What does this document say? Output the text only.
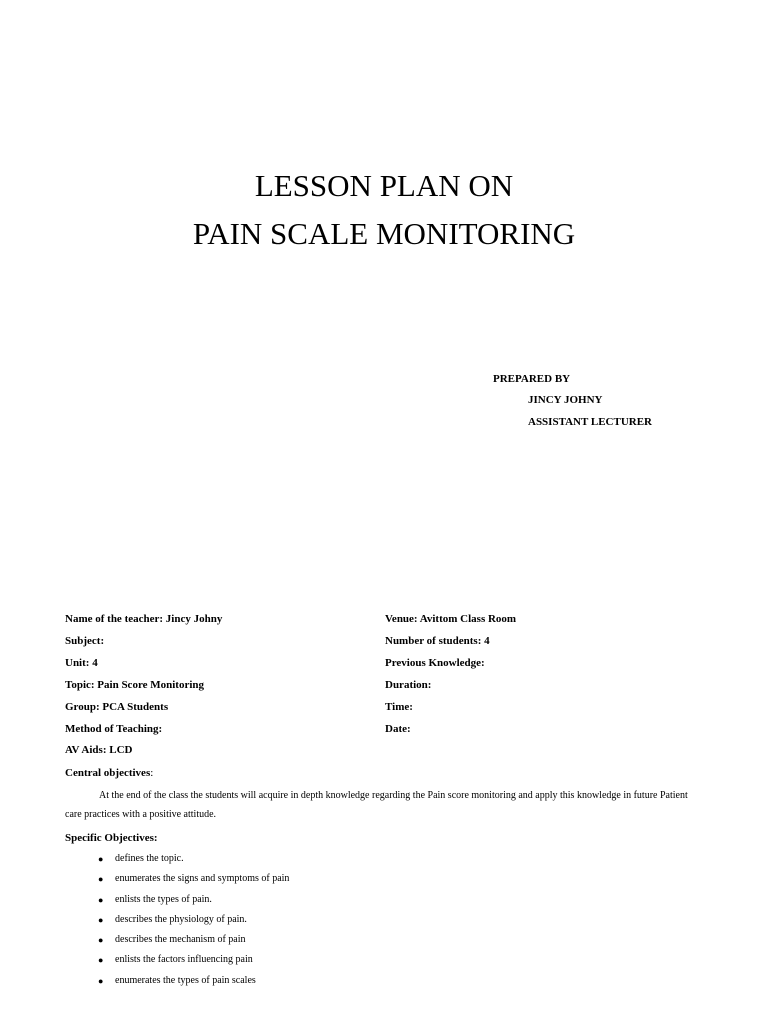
LESSON PLAN ON
PAIN SCALE MONITORING
PREPARED BY
JINCY JOHNY
ASSISTANT LECTURER
Name of the teacher: Jincy Johny
Subject:
Unit: 4
Topic: Pain Score Monitoring
Group: PCA Students
Method of Teaching:
AV Aids: LCD
Venue: Avittom Class Room
Number of students: 4
Previous Knowledge:
Duration:
Time:
Date:
Central objectives:

At the end of the class the students will acquire in depth knowledge regarding the Pain score monitoring and apply this knowledge in future Patient care practices with a positive attitude.

Specific Objectives:
● defines the topic.
● enumerates the signs and symptoms of pain
● enlists the types of pain.
● describes the physiology of pain.
● describes the mechanism of pain
● enlists the factors influencing pain
● enumerates the types of pain scales
